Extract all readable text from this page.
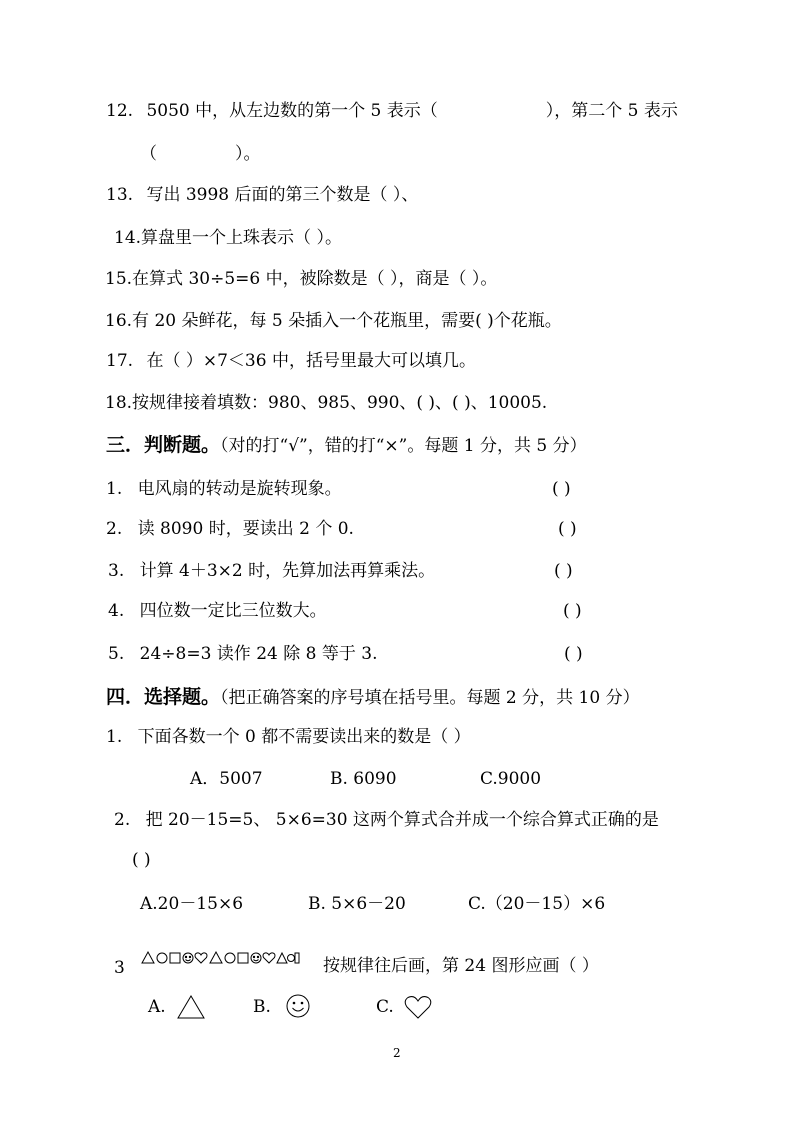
12. 5050 中，从左边数的第一个 5 表示（	），第二个 5 表示
（	）。
13. 写出 3998 后面的第三个数是（ ）、
14.算盘里一个上珠表示（ ）。
15.在算式 30÷5=6 中，被除数是（ ），商是（ ）。
16.有 20 朵鲜花，每 5 朵插入一个花瓶里，需要( )个花瓶。
17. 在（ ）×7＜36 中，括号里最大可以填几。
18.按规律接着填数：980、985、990、( )、( )、10005.
三．判断题。（对的打“√”，错的打“×”。每题 1 分，共 5 分）
1. 电风扇的转动是旋转现象。	( )
2. 读 8090 时，要读出 2 个 0.	( )
3. 计算 4＋3×2 时，先算加法再算乘法。	( )
4. 四位数一定比三位数大。	( )
5. 24÷8=3 读作 24 除 8 等于 3.	( )
四．选择题。（把正确答案的序号填在括号里。每题 2 分，共 10 分）
1. 下面各数一个 0 都不需要读出来的数是（ ）
A．5007	B. 6090	C.9000
2. 把 20－15=5、 5×6=30 这两个算式合并成一个综合算式正确的是
( )
A.20－15×6	B. 5×6－20	C.（20－15）×6
3	按规律往后画，第 24 图形应画（ ）
A.	B.	C.
2
